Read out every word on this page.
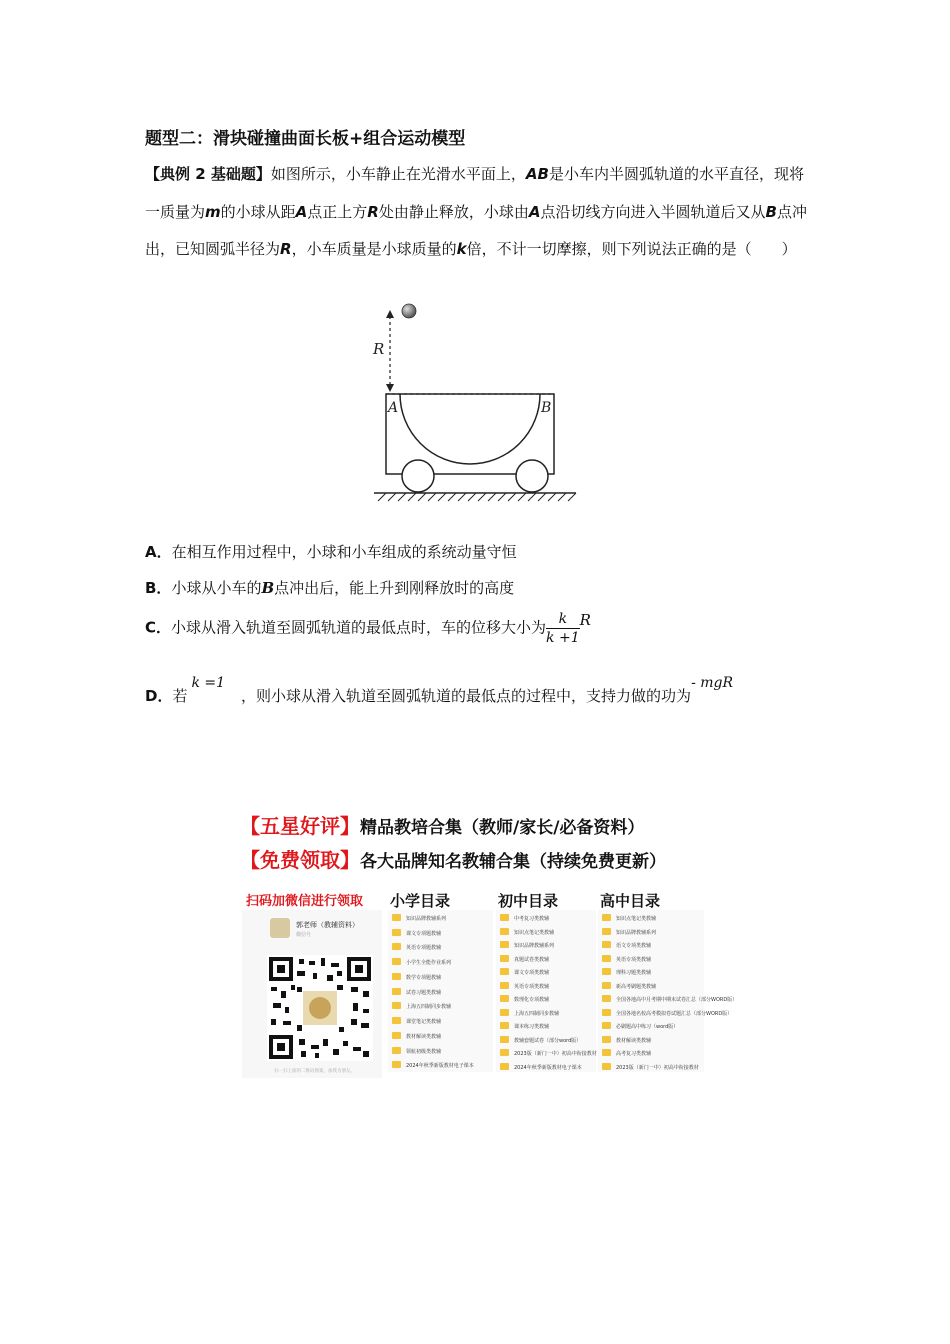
题型二：滑块碰撞曲面长板+组合运动模型
【典例 2 基础题】如图所示，小车静止在光滑水平面上，AB是小车内半圆弧轨道的水平直径，现将一质量为m的小球从距A点正上方R处由静止释放，小球由A点沿切线方向进入半圆轨道后又从B点冲出，已知圆弧半径为R，小车质量是小球质量的k倍，不计一切摩擦，则下列说法正确的是（　　）
R
A	B
A．在相互作用过程中，小球和小车组成的系统动量守恒
B．小球从小车的B点冲出后，能上升到刚释放时的高度
C．小球从滑入轨道至圆弧轨道的最低点时，车的位移大小为 $\frac{k}{k +1}$ R
D．若k =1，则小球从滑入轨道至圆弧轨道的最低点的过程中，支持力做的功为- mgR
【五星好评】精品教培合集（教师/家长/必备资料）
【免费领取】各大品牌知名教辅合集（持续免费更新）
扫码加微信进行领取
郭老师（教辅资料）
微信号
扫一扫上面的二维码图案，加我为朋友。
小学目录	初中目录	高中目录
知识品牌教辅系列
课文专项题教辅
英语专项题教辅
小学生全能作业系列
数学专项题教辅
试卷习题类教辅
上海五四制同步教辅
课堂笔记类教辅
教材解读类教辅
领航初级类教辅
2024年秋季新版教材电子课本
中考复习类教辅
知识点笔记类教辅
知识品牌教辅系列
真题试卷类教辅
课文专项类教辅
英语专项类教辅
数理化专项教辅
上海五四制同步教辅
课本练习类教辅
教辅套题试卷（部分word版）
2023版（新门一中）初高中衔接教材
2024年秋季新版教材电子课本
知识点笔记类教辅
知识品牌教辅系列
语文专项类教辅
英语专项类教辅
理科习题类教辅
新高考刷题类教辅
全国各地高中月考期中期末试卷汇总（部分WORD版）
全国各地名校高考模拟卷试题汇总（部分WORD版）
必刷题高中练习（word版）
教材解读类教辅
高考复习类教辅
2023版（新门一中）初高中衔接教材
